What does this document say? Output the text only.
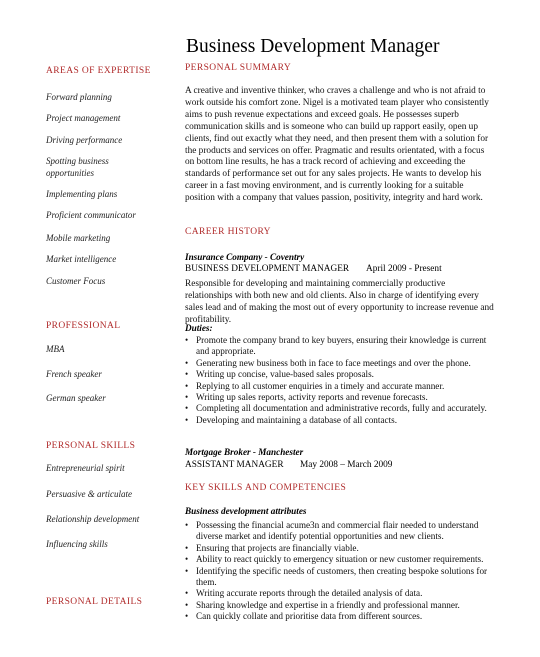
Business Development Manager
AREAS OF EXPERTISE
Forward planning
Project management
Driving performance
Spotting business opportunities
Implementing plans
Proficient communicator
Mobile marketing
Market intelligence
Customer Focus
PROFESSIONAL
MBA
French speaker
German speaker
PERSONAL SKILLS
Entrepreneurial spirit
Persuasive & articulate
Relationship development
Influencing skills
PERSONAL DETAILS
PERSONAL SUMMARY
A creative and inventive thinker, who craves a challenge and who is not afraid to work outside his comfort zone. Nigel is a motivated team player who consistently aims to push revenue expectations and exceed goals. He possesses superb communication skills and is someone who can build up rapport easily, open up clients, find out exactly what they need, and then present them with a solution for the products and services on offer. Pragmatic and results orientated, with a focus on bottom line results, he has a track record of achieving and exceeding the standards of performance set out for any sales projects. He wants to develop his career in a fast moving environment, and is currently looking for a suitable position with a company that values passion, positivity, integrity and hard work.
CAREER HISTORY
Insurance Company - Coventry
BUSINESS DEVELOPMENT MANAGER April 2009 - Present
Responsible for developing and maintaining commercially productive relationships with both new and old clients. Also in charge of identifying every sales lead and of making the most out of every opportunity to increase revenue and profitability.
Duties:
• Promote the company brand to key buyers, ensuring their knowledge is current and appropriate.
• Generating new business both in face to face meetings and over the phone.
• Writing up concise, value-based sales proposals.
• Replying to all customer enquiries in a timely and accurate manner.
• Writing up sales reports, activity reports and revenue forecasts.
• Completing all documentation and administrative records, fully and accurately.
• Developing and maintaining a database of all contacts.
Mortgage Broker - Manchester
ASSISTANT MANAGER May 2008 – March 2009
KEY SKILLS AND COMPETENCIES
Business development attributes
• Possessing the financial acume3n and commercial flair needed to understand diverse market and identify potential opportunities and new clients.
• Ensuring that projects are financially viable.
• Ability to react quickly to emergency situation or new customer requirements.
• Identifying the specific needs of customers, then creating bespoke solutions for them.
• Writing accurate reports through the detailed analysis of data.
• Sharing knowledge and expertise in a friendly and professional manner.
• Can quickly collate and prioritise data from different sources.
